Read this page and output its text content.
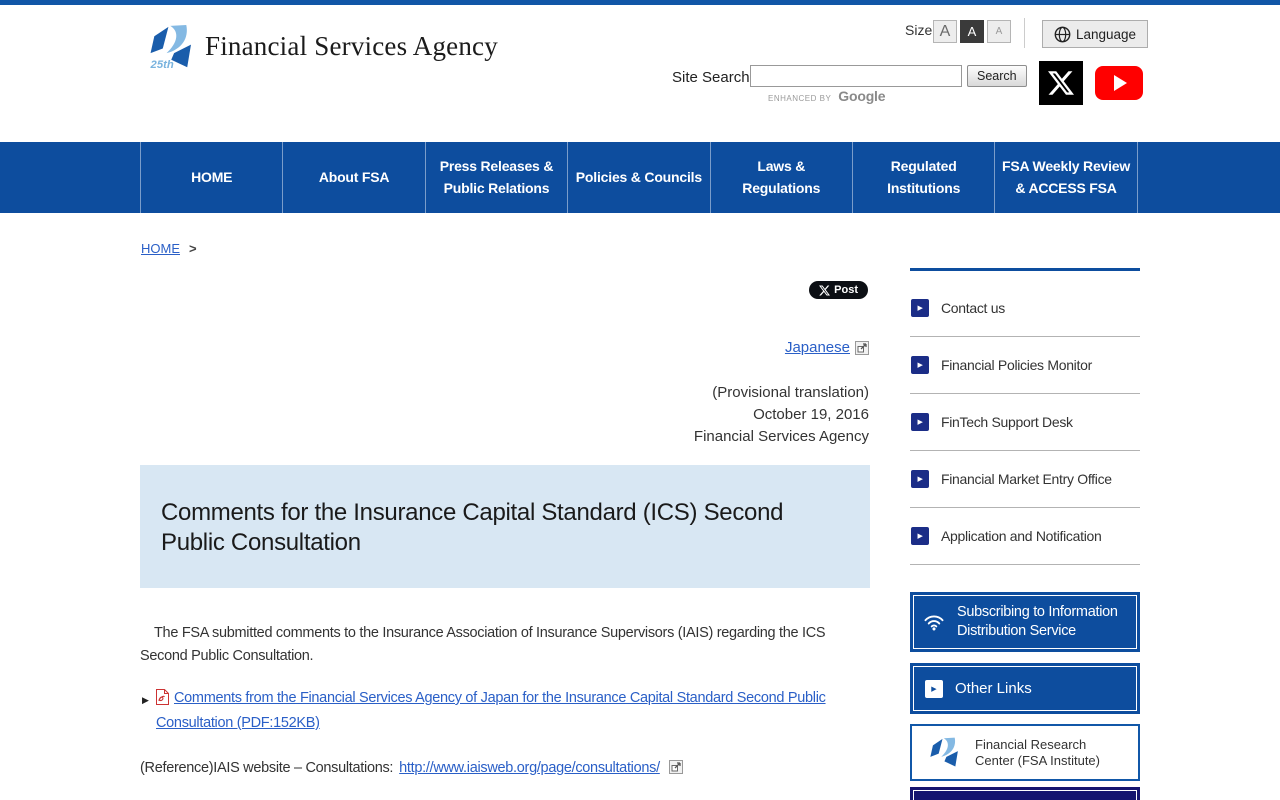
25th
Financial Services Agency
Size A	A	A	Language
Site Search	Search
ENHANCED BY Google
HOME	About FSA
Press Releases &
Public Relations
Policies & Councils
Laws &
Regulations
Regulated
Institutions
FSA Weekly Review
& ACCESS FSA
HOME >
Post
Japanese
(Provisional translation)
October 19, 2016
Financial Services Agency
Comments for the Insurance Capital Standard (ICS) Second Public Consultation

The FSA submitted comments to the Insurance Association of Insurance Supervisors (IAIS) regarding the ICS Second Public Consultation.

▶ Comments from the Financial Services Agency of Japan for the Insurance Capital Standard Second Public Consultation (PDF:152KB)
(Reference)IAIS website – Consultations: http://www.iaisweb.org/page/consultations/
▶
Contact us
▶
Financial Policies Monitor
▶
FinTech Support Desk
▶
Financial Market Entry Office
▶
Application and Notification
Subscribing to Information Distribution Service
▶
Other Links
Financial Research Center (FSA Institute)
